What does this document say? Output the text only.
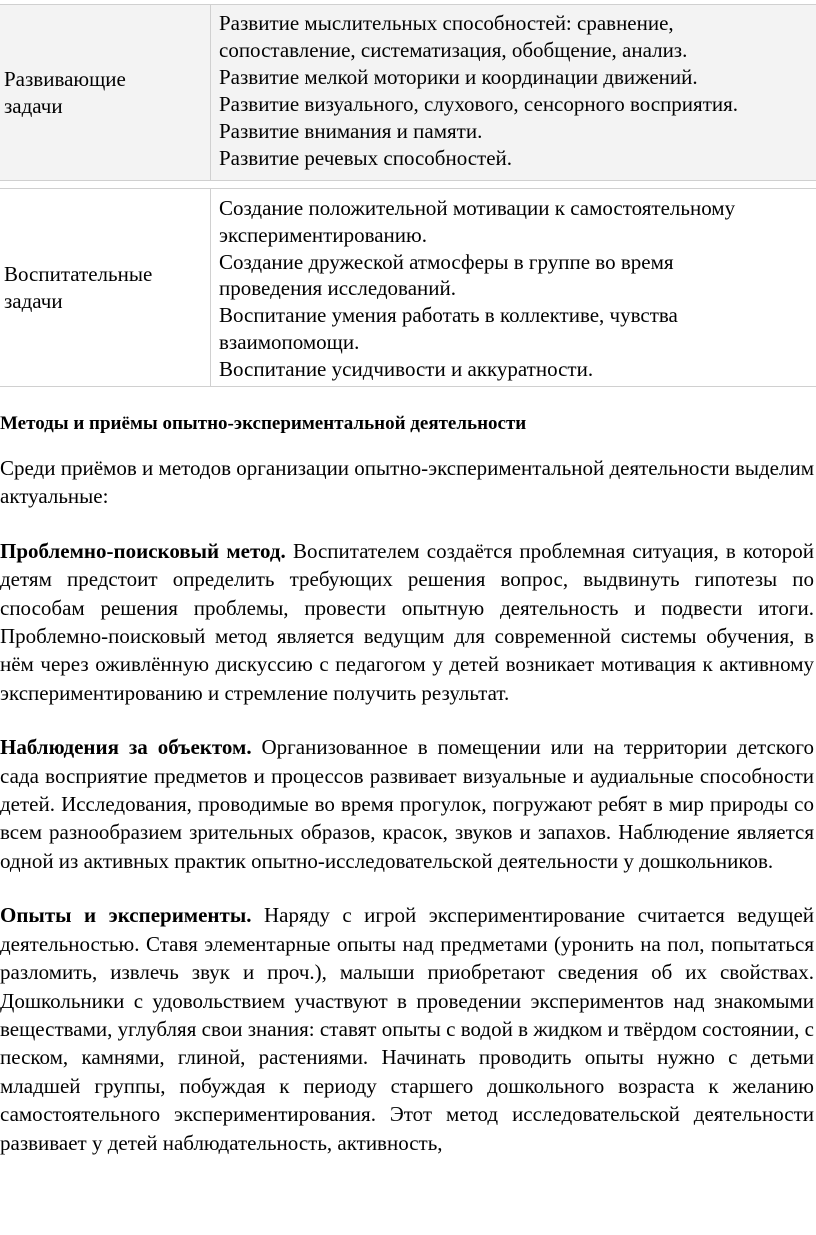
Развивающие
задачи
Развитие мыслительных способностей: сравнение,
сопоставление, систематизация, обобщение, анализ.
Развитие мелкой моторики и координации движений.
Развитие визуального, слухового, сенсорного восприятия.
Развитие внимания и памяти.
Развитие речевых способностей.
Воспитательные
задачи
Создание положительной мотивации к самостоятельному
экспериментированию.
Создание дружеской атмосферы в группе во время
проведения исследований.
Воспитание умения работать в коллективе, чувства
взаимопомощи.
Воспитание усидчивости и аккуратности.

Методы и приёмы опытно-экспериментальной деятельности

Среди приёмов и методов организации опытно-экспериментальной деятельности выделим актуальные:

Проблемно-поисковый метод. Воспитателем создаётся проблемная ситуация, в которой детям предстоит определить требующих решения вопрос, выдвинуть гипотезы по способам решения проблемы, провести опытную деятельность и подвести итоги. Проблемно-поисковый метод является ведущим для современной системы обучения, в нём через оживлённую дискуссию с педагогом у детей возникает мотивация к активному экспериментированию и стремление получить результат.

Наблюдения за объектом. Организованное в помещении или на территории детского сада восприятие предметов и процессов развивает визуальные и аудиальные способности детей. Исследования, проводимые во время прогулок, погружают ребят в мир природы со всем разнообразием зрительных образов, красок, звуков и запахов. Наблюдение является одной из активных практик опытно-исследовательской деятельности у дошкольников.

Опыты и эксперименты. Наряду с игрой экспериментирование считается ведущей деятельностью. Ставя элементарные опыты над предметами (уронить на пол, попытаться разломить, извлечь звук и проч.), малыши приобретают сведения об их свойствах. Дошкольники с удовольствием участвуют в проведении экспериментов над знакомыми веществами, углубляя свои знания: ставят опыты с водой в жидком и твёрдом состоянии, с песком, камнями, глиной, растениями. Начинать проводить опыты нужно с детьми младшей группы, побуждая к периоду старшего дошкольного возраста к желанию самостоятельного экспериментирования. Этот метод исследовательской деятельности развивает у детей наблюдательность, активность,
